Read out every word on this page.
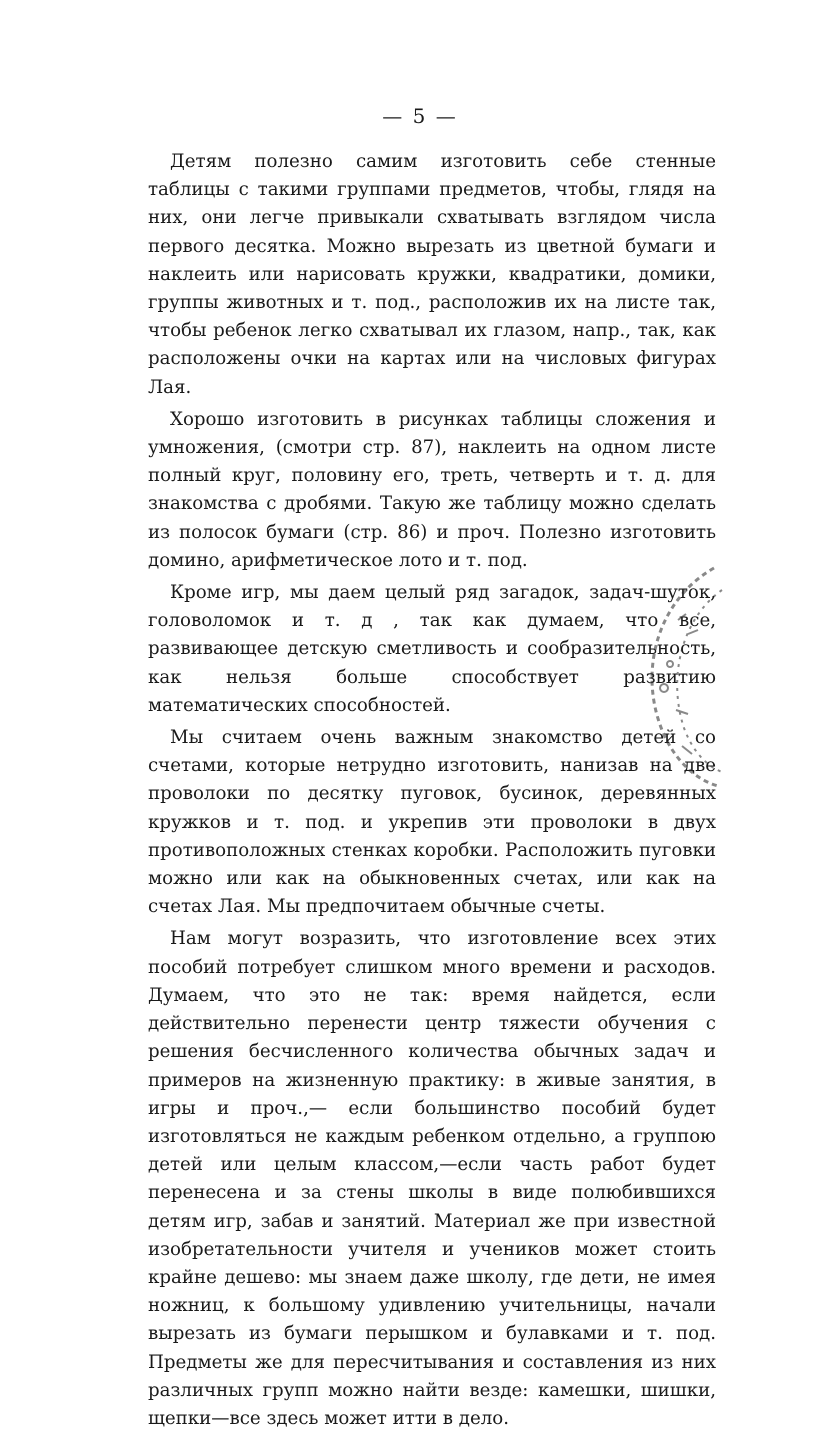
— 5 —

Детям полезно самим изготовить себе стенные таблицы с такими группами предметов, чтобы, глядя на них, они легче привыкали схватывать взглядом числа первого десятка. Можно вырезать из цветной бумаги и наклеить или нарисовать кружки, квадратики, домики, группы животных и т. под., расположив их на листе так, чтобы ребенок легко схватывал их глазом, напр., так, как расположены очки на картах или на числовых фигурах Лая.

Хорошо изготовить в рисунках таблицы сложения и умножения, (смотри стр. 87), наклеить на одном листе полный круг, половину его, треть, четверть и т. д. для знакомства с дробями. Такую же таблицу можно сделать из полосок бумаги (стр. 86) и проч. Полезно изготовить домино, арифметическое лото и т. под.

Кроме игр, мы даем целый ряд загадок, задач-шуток, головоломок и т. д , так как думаем, что все, развивающее детскую сметливость и сообразительность, как нельзя больше способствует развитию математических способностей.

Мы считаем очень важным знакомство детей со счетами, которые нетрудно изготовить, нанизав на две проволоки по десятку пуговок, бусинок, деревянных кружков и т. под. и укрепив эти проволоки в двух противоположных стенках коробки. Расположить пуговки можно или как на обыкновенных счетах, или как на счетах Лая. Мы предпочитаем обычные счеты.

Нам могут возразить, что изготовление всех этих пособий потребует слишком много времени и расходов. Думаем, что это не так: время найдется, если действительно перенести центр тяжести обучения с решения бесчисленного количества обычных задач и примеров на жизненную практику: в живые занятия, в игры и проч.,— если большинство пособий будет изготовляться не каждым ребенком отдельно, а группою детей или целым классом,—если часть работ будет перенесена и за стены школы в виде полюбившихся детям игр, забав и занятий. Материал же при известной изобретательности учителя и учеников может стоить крайне дешево: мы знаем даже школу, где дети, не имея ножниц, к большому удивлению учительницы, начали вырезать из бумаги перышком и булавками и т. под. Предметы же для пересчитывания и составления из них различных групп можно найти везде: камешки, шишки, щепки—все здесь может итти в дело.
